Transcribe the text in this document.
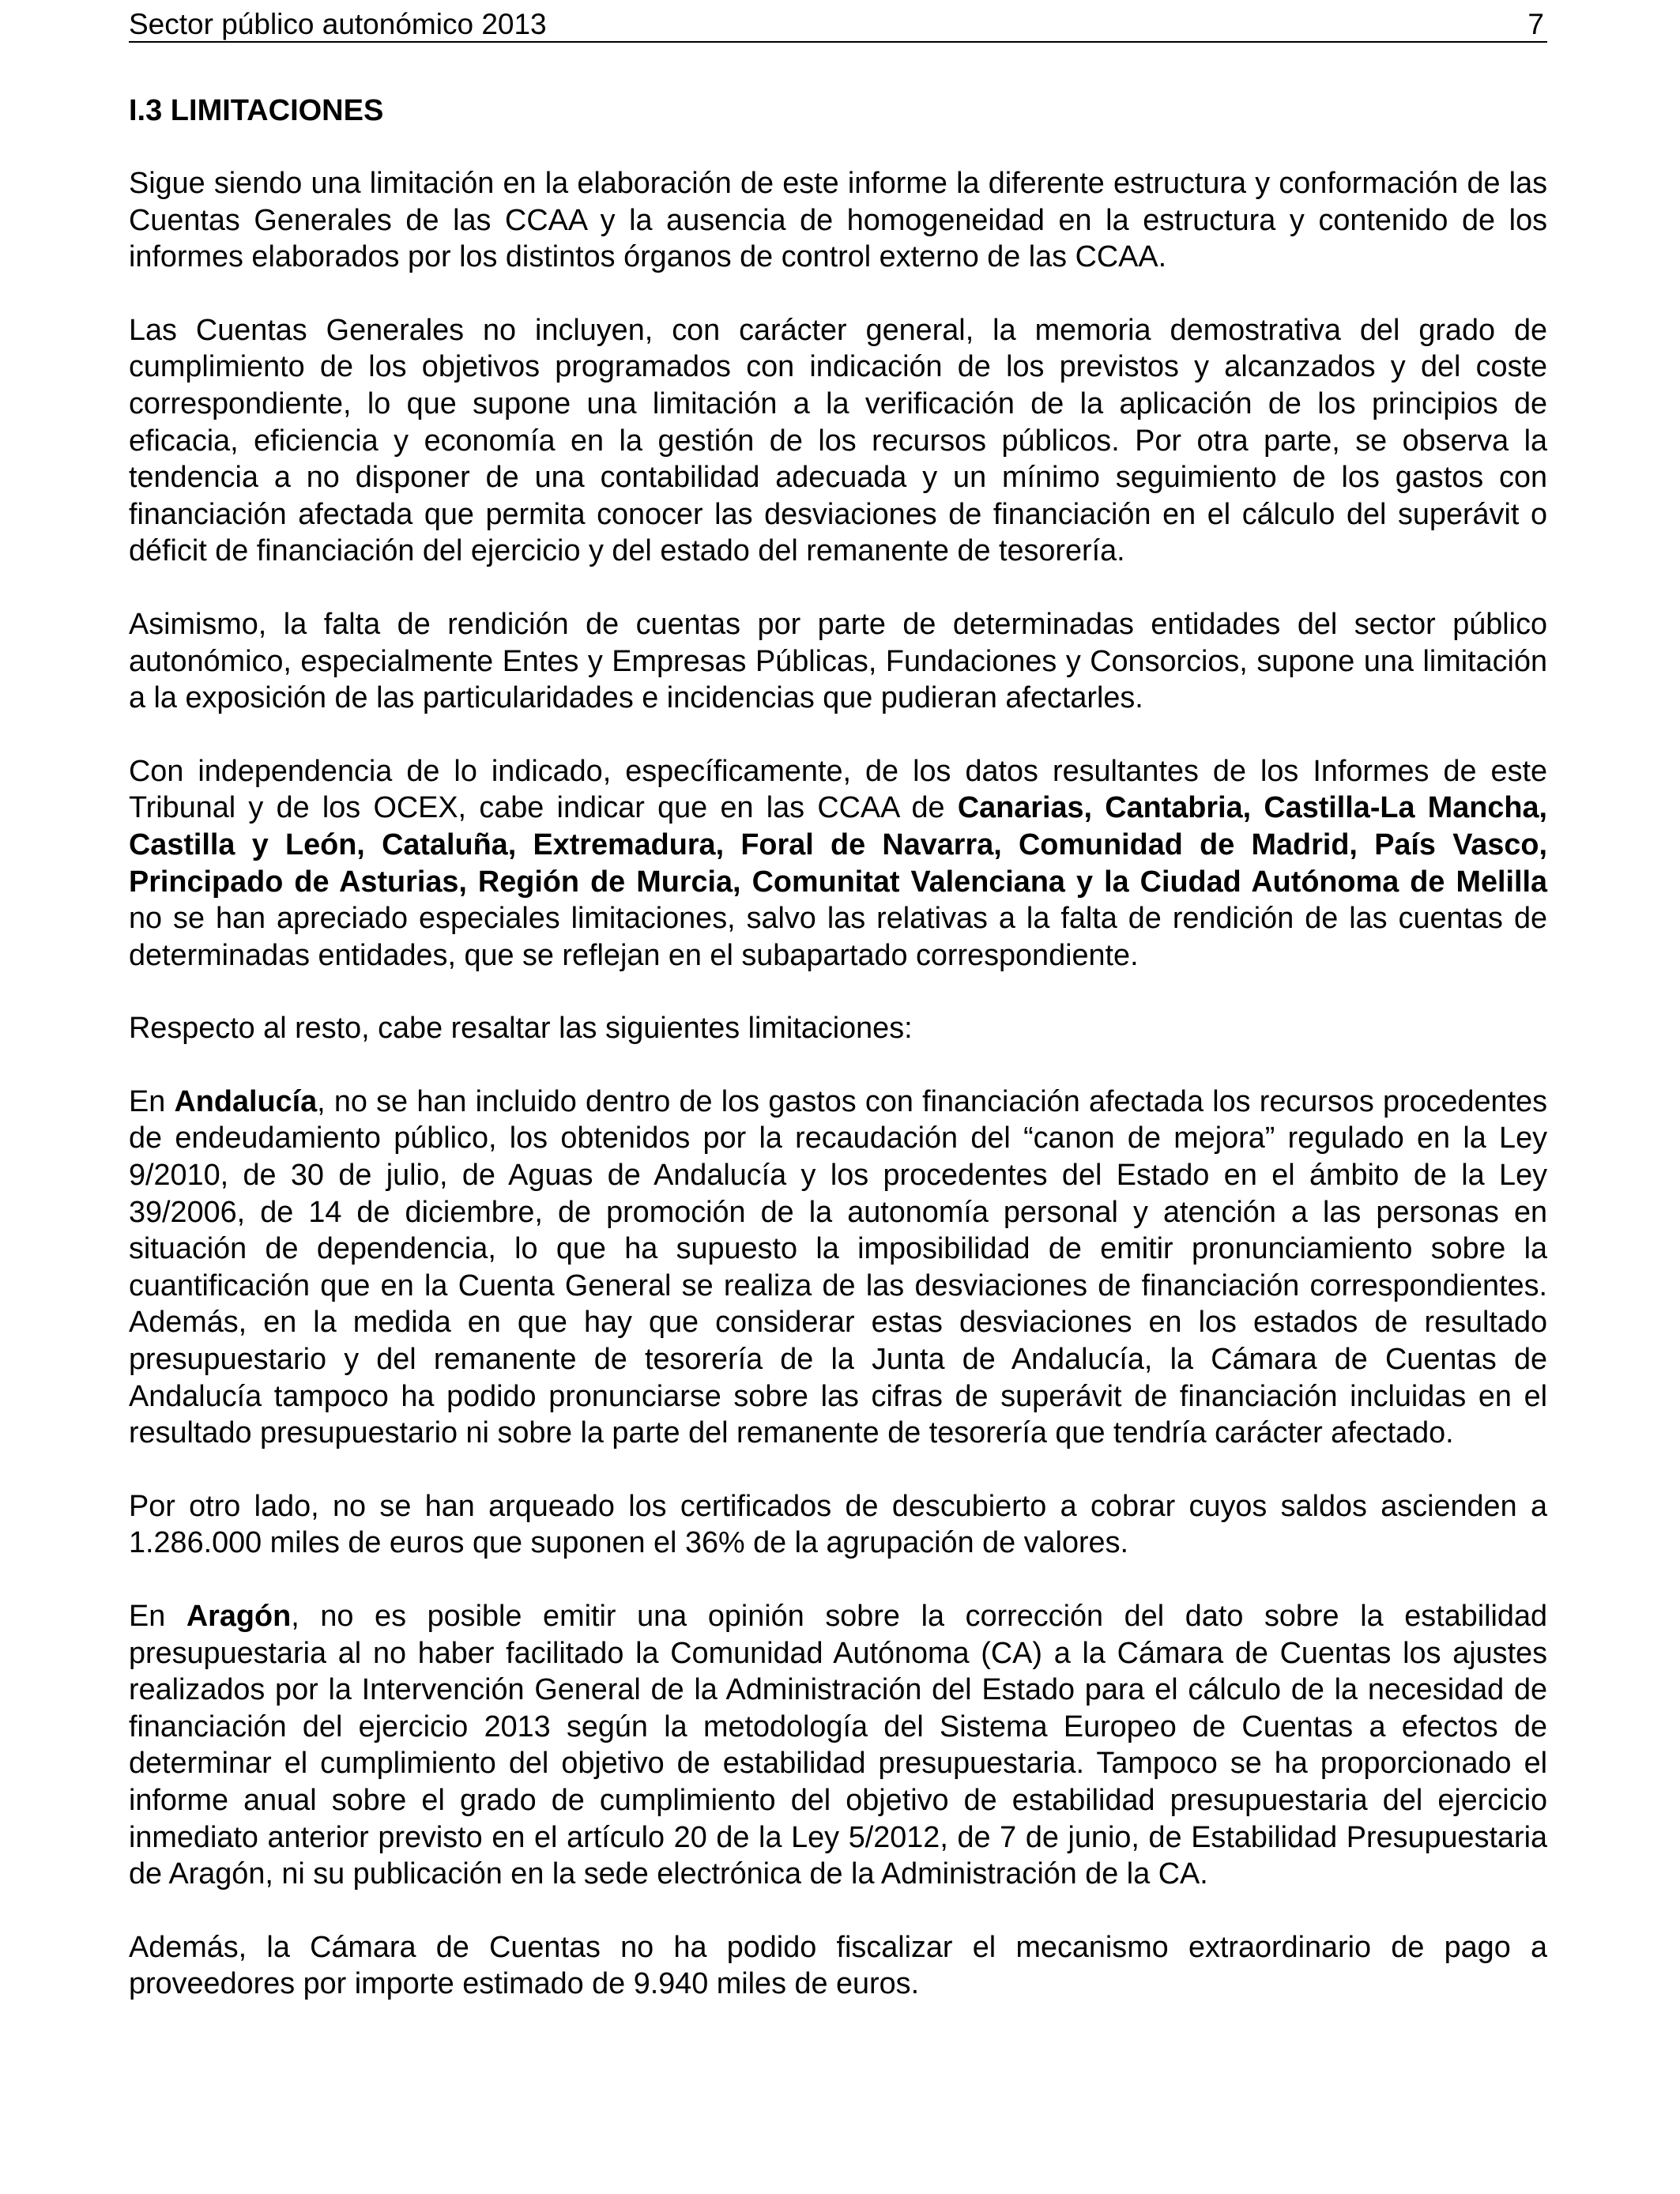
Sector público autonómico 2013	7
I.3 LIMITACIONES

Sigue siendo una limitación en la elaboración de este informe la diferente estructura y conformación de las Cuentas Generales de las CCAA y la ausencia de homogeneidad en la estructura y contenido de los informes elaborados por los distintos órganos de control externo de las CCAA.

Las Cuentas Generales no incluyen, con carácter general, la memoria demostrativa del grado de cumplimiento de los objetivos programados con indicación de los previstos y alcanzados y del coste correspondiente, lo que supone una limitación a la verificación de la aplicación de los principios de eficacia, eficiencia y economía en la gestión de los recursos públicos. Por otra parte, se observa la tendencia a no disponer de una contabilidad adecuada y un mínimo seguimiento de los gastos con financiación afectada que permita conocer las desviaciones de financiación en el cálculo del superávit o déficit de financiación del ejercicio y del estado del remanente de tesorería.

Asimismo, la falta de rendición de cuentas por parte de determinadas entidades del sector público autonómico, especialmente Entes y Empresas Públicas, Fundaciones y Consorcios, supone una limitación a la exposición de las particularidades e incidencias que pudieran afectarles.

Con independencia de lo indicado, específicamente, de los datos resultantes de los Informes de este Tribunal y de los OCEX, cabe indicar que en las CCAA de Canarias, Cantabria, Castilla-La Mancha, Castilla y León, Cataluña, Extremadura, Foral de Navarra, Comunidad de Madrid, País Vasco, Principado de Asturias, Región de Murcia, Comunitat Valenciana y la Ciudad Autónoma de Melilla no se han apreciado especiales limitaciones, salvo las relativas a la falta de rendición de las cuentas de determinadas entidades, que se reflejan en el subapartado correspondiente.

Respecto al resto, cabe resaltar las siguientes limitaciones:

En Andalucía, no se han incluido dentro de los gastos con financiación afectada los recursos procedentes de endeudamiento público, los obtenidos por la recaudación del “canon de mejora” regulado en la Ley 9/2010, de 30 de julio, de Aguas de Andalucía y los procedentes del Estado en el ámbito de la Ley 39/2006, de 14 de diciembre, de promoción de la autonomía personal y atención a las personas en situación de dependencia, lo que ha supuesto la imposibilidad de emitir pronunciamiento sobre la cuantificación que en la Cuenta General se realiza de las desviaciones de financiación correspondientes. Además, en la medida en que hay que considerar estas desviaciones en los estados de resultado presupuestario y del remanente de tesorería de la Junta de Andalucía, la Cámara de Cuentas de Andalucía tampoco ha podido pronunciarse sobre las cifras de superávit de financiación incluidas en el resultado presupuestario ni sobre la parte del remanente de tesorería que tendría carácter afectado.

Por otro lado, no se han arqueado los certificados de descubierto a cobrar cuyos saldos ascienden a 1.286.000 miles de euros que suponen el 36% de la agrupación de valores.

En Aragón, no es posible emitir una opinión sobre la corrección del dato sobre la estabilidad presupuestaria al no haber facilitado la Comunidad Autónoma (CA) a la Cámara de Cuentas los ajustes realizados por la Intervención General de la Administración del Estado para el cálculo de la necesidad de financiación del ejercicio 2013 según la metodología del Sistema Europeo de Cuentas a efectos de determinar el cumplimiento del objetivo de estabilidad presupuestaria. Tampoco se ha proporcionado el informe anual sobre el grado de cumplimiento del objetivo de estabilidad presupuestaria del ejercicio inmediato anterior previsto en el artículo 20 de la Ley 5/2012, de 7 de junio, de Estabilidad Presupuestaria de Aragón, ni su publicación en la sede electrónica de la Administración de la CA.

Además, la Cámara de Cuentas no ha podido fiscalizar el mecanismo extraordinario de pago a proveedores por importe estimado de 9.940 miles de euros.
